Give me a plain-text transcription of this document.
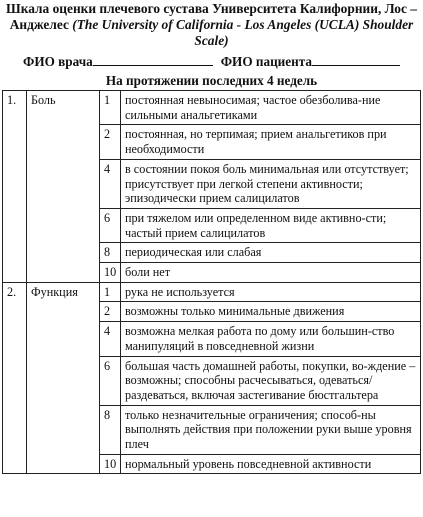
Шкала оценки плечевого сустава Университета Калифорнии, Лос –
Анджелес (The University of California - Los Angeles (UCLA) Shoulder
Scale)
ФИО врача	ФИО пациента
На протяжении последних 4 недель
1.	Боль	1	постоянная невыносимая; частое обезболива-ние сильными анальгетиками
		2	постоянная, но терпимая; прием анальгетиков при необходимости
		4	в состоянии покоя боль минимальная или отсутствует; присутствует при легкой степени активности; эпизодически прием салицилатов
		6	при тяжелом или определенном виде активно-сти; частый прием салицилатов
		8	периодическая или слабая
		10	боли нет
2.	Функция	1	рука не используется
		2	возможны только минимальные движения
		4	возможна мелкая работа по дому или большин-ство манипуляций в повседневной жизни
		6	большая часть домашней работы, покупки, во-ждение – возможны; способны расчесываться, одеваться/раздеваться, включая застегивание бюстгальтера
		8	только незначительные ограничения; способ-ны выполнять действия при положении руки выше уровня плеч
		10	нормальный уровень повседневной активности
